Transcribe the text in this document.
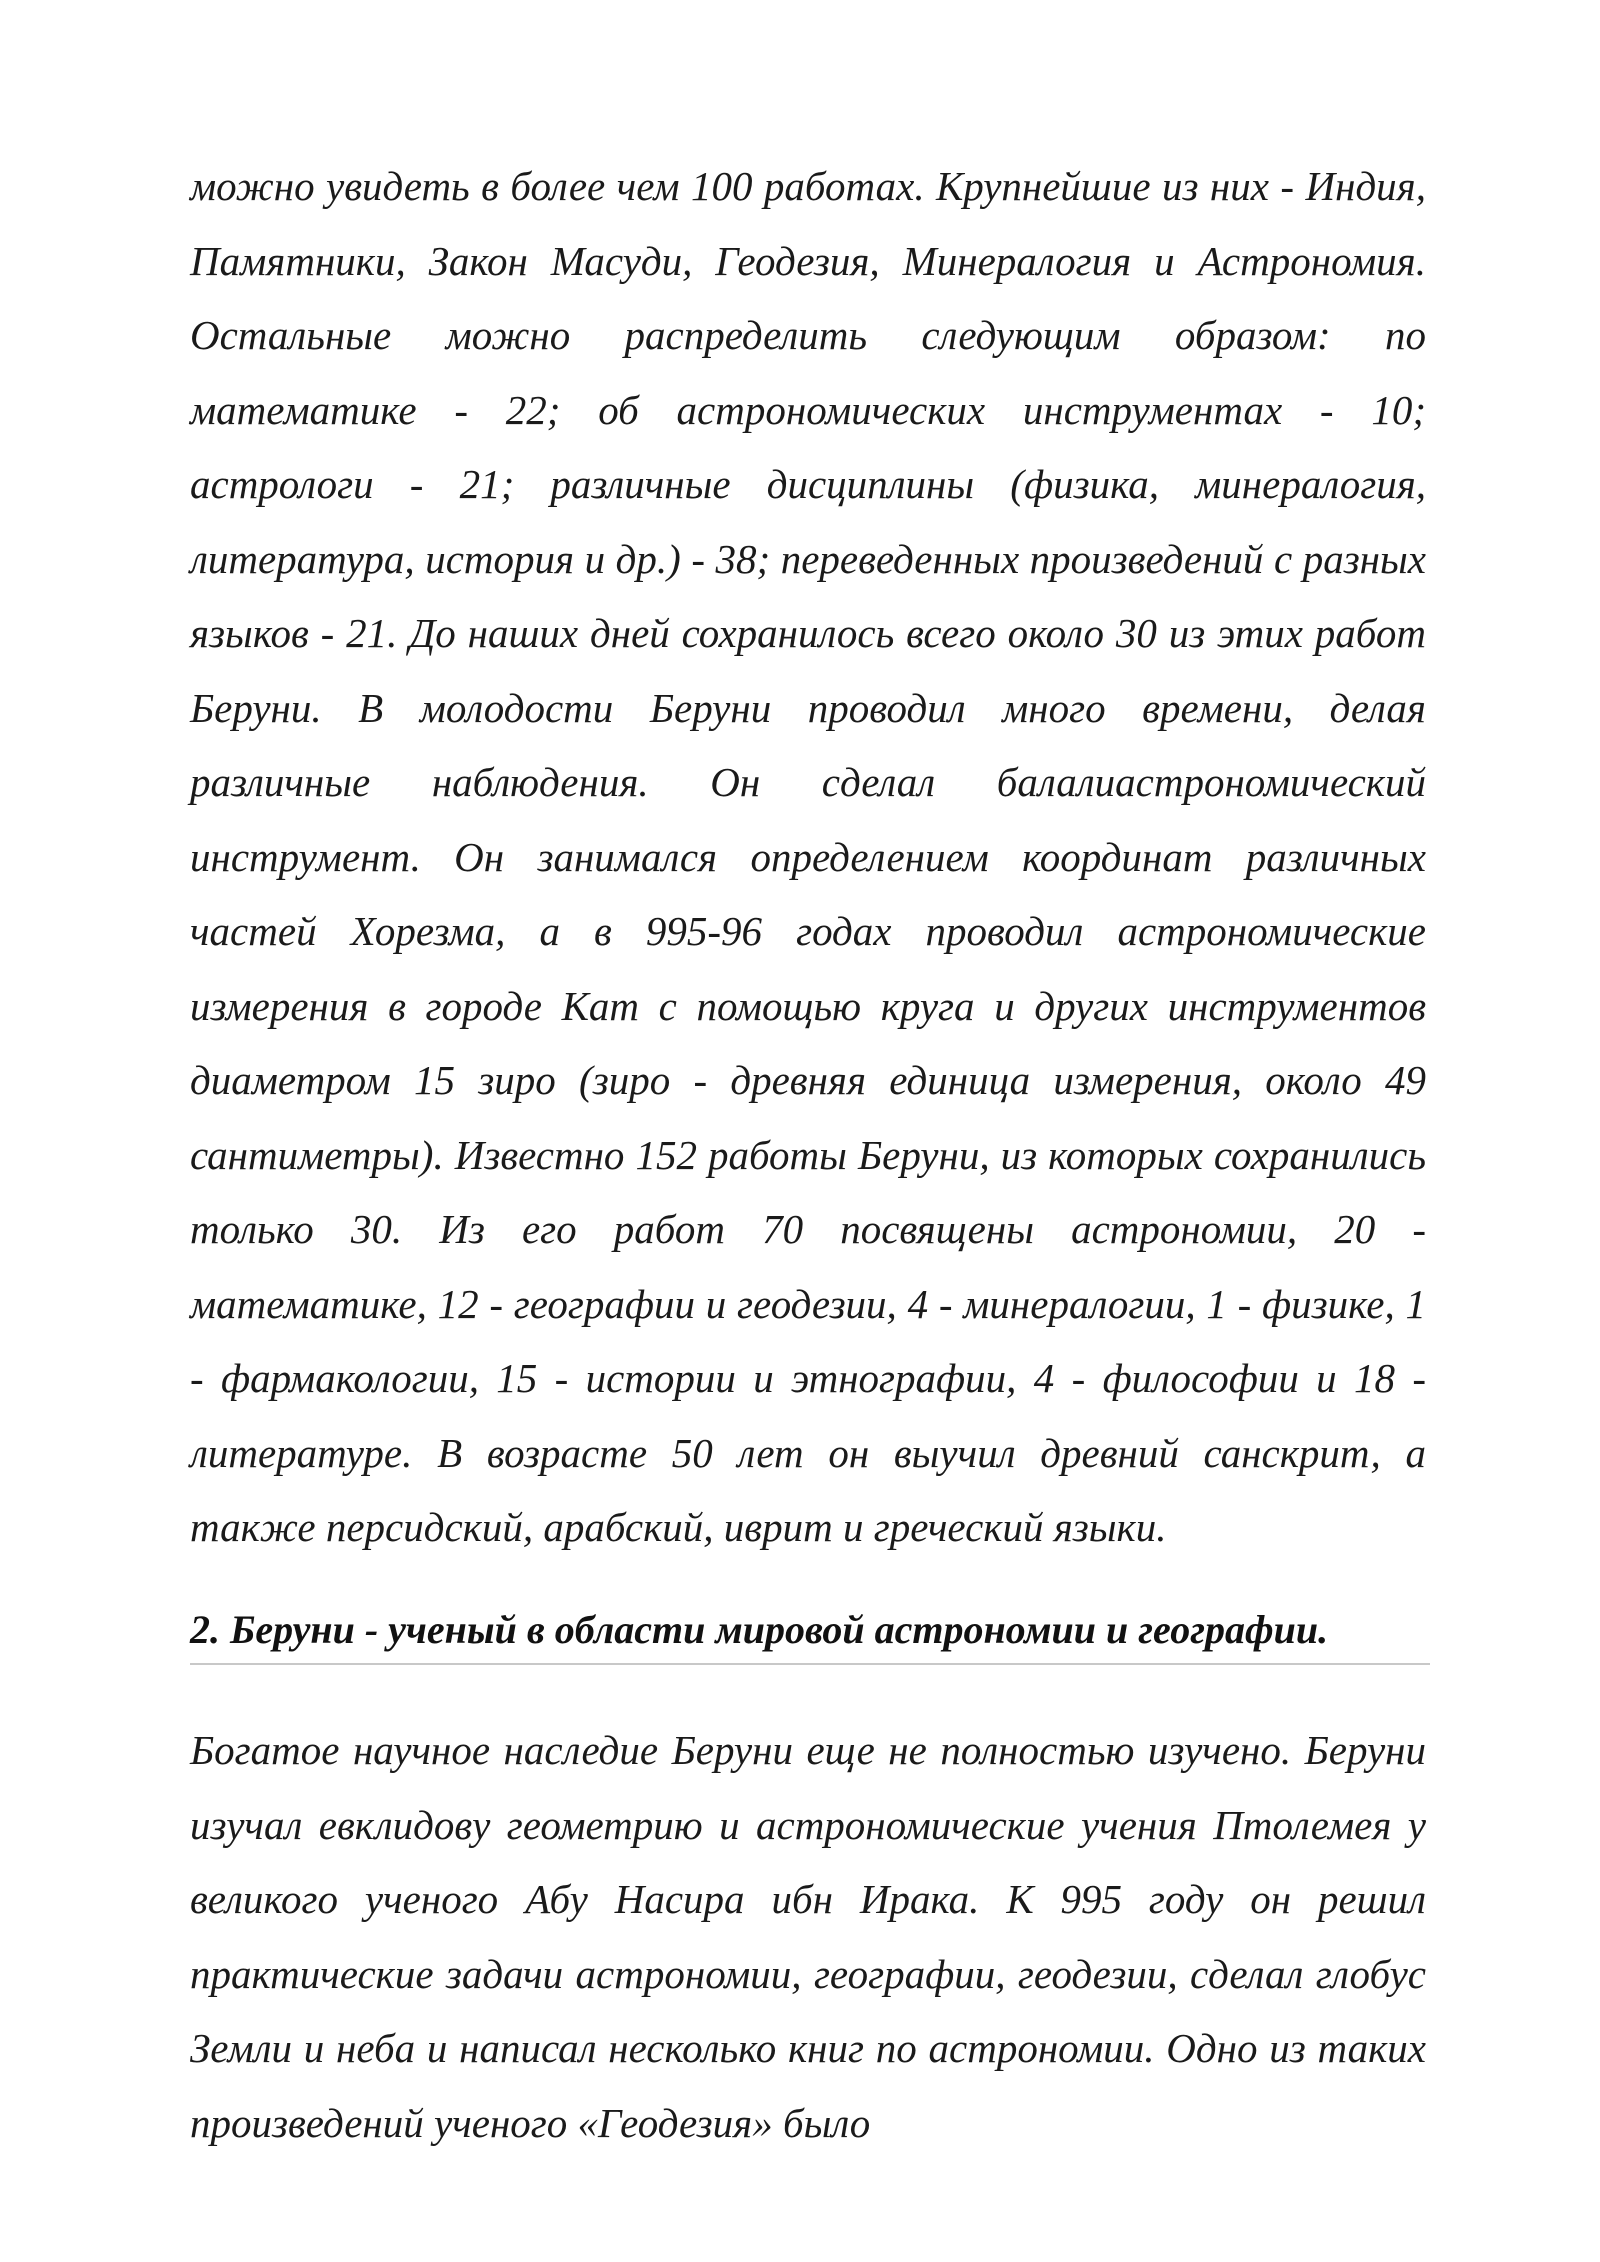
можно увидеть в более чем 100 работах. Крупнейшие из них - Индия, Памятники, Закон Масуди, Геодезия, Минералогия и Астрономия. Остальные можно распределить следующим образом: по математике - 22; об астрономических инструментах - 10; астрологи - 21; различные дисциплины (физика, минералогия, литература, история и др.) - 38; переведенных произведений с разных языков - 21. До наших дней сохранилось всего около 30 из этих работ Беруни. В молодости Беруни проводил много времени, делая различные наблюдения. Он сделал балалиастрономический инструмент. Он занимался определением координат различных частей Хорезма, а в 995-96 годах проводил астрономические измерения в городе Кат с помощью круга и других инструментов диаметром 15 зиро (зиро - древняя единица измерения, около 49 сантиметры). Известно 152 работы Беруни, из которых сохранились только 30. Из его работ 70 посвящены астрономии, 20 - математике, 12 - географии и геодезии, 4 - минералогии, 1 - физике, 1 - фармакологии, 15 - истории и этнографии, 4 - философии и 18 - литературе. В возрасте 50 лет он выучил древний санскрит, а также персидский, арабский, иврит и греческий языки.

2. Беруни - ученый в области мировой астрономии и географии.

Богатое научное наследие Беруни еще не полностью изучено. Беруни изучал евклидову геометрию и астрономические учения Птолемея у великого ученого Абу Насира ибн Ирака. К 995 году он решил практические задачи астрономии, географии, геодезии, сделал глобус Земли и неба и написал несколько книг по астрономии. Одно из таких произведений ученого «Геодезия» было
